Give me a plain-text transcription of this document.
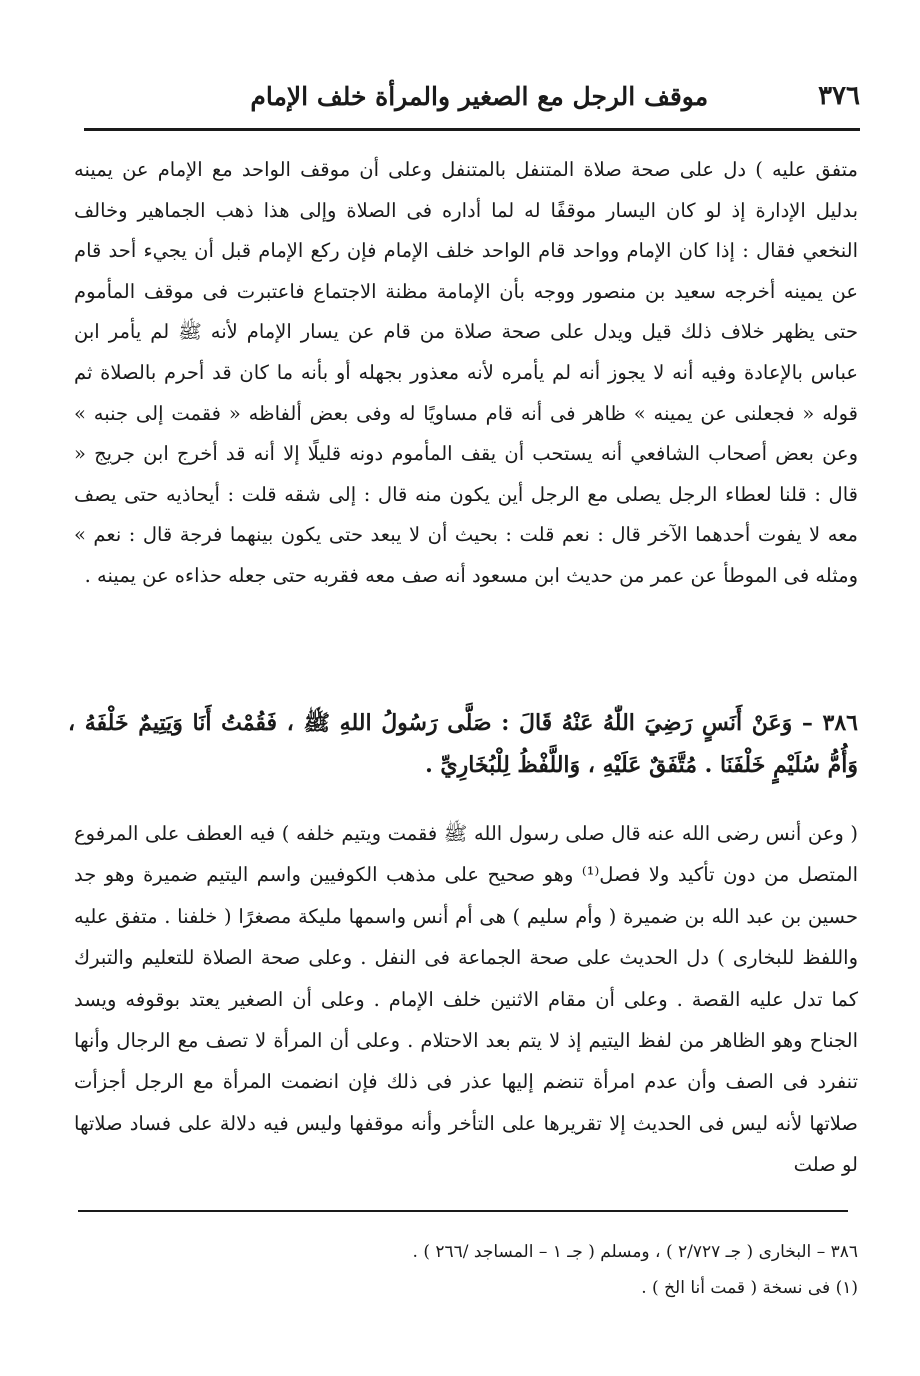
٣٧٦
موقف الرجل مع الصغير والمرأة خلف الإمام
متفق عليه ) دل على صحة صلاة المتنفل بالمتنفل وعلى أن موقف الواحد مع الإمام عن يمينه بدليل الإدارة إذ لو كان اليسار موقفًا له لما أداره فى الصلاة وإلى هذا ذهب الجماهير وخالف النخعي فقال : إذا كان الإمام وواحد قام الواحد خلف الإمام فإن ركع الإمام قبل أن يجيء أحد قام عن يمينه أخرجه سعيد بن منصور ووجه بأن الإمامة مظنة الاجتماع فاعتبرت فى موقف المأموم حتى يظهر خلاف ذلك قيل ويدل على صحة صلاة من قام عن يسار الإمام لأنه ﷺ لم يأمر ابن عباس بالإعادة وفيه أنه لا يجوز أنه لم يأمره لأنه معذور بجهله أو بأنه ما كان قد أحرم بالصلاة ثم قوله « فجعلنى عن يمينه » ظاهر فى أنه قام مساويًا له وفى بعض ألفاظه « فقمت إلى جنبه » وعن بعض أصحاب الشافعي أنه يستحب أن يقف المأموم دونه قليلًا إلا أنه قد أخرج ابن جريج « قال : قلنا لعطاء الرجل يصلى مع الرجل أين يكون منه قال : إلى شقه قلت : أيحاذيه حتى يصف معه لا يفوت أحدهما الآخر قال : نعم قلت : بحيث أن لا يبعد حتى يكون بينهما فرجة قال : نعم » ومثله فى الموطأ عن عمر من حديث ابن مسعود أنه صف معه فقربه حتى جعله حذاءه عن يمينه .
٣٨٦ – وَعَنْ أَنَسٍ رَضِيَ اللّٰهُ عَنْهُ قَالَ : صَلَّى رَسُولُ اللهِ ﷺ ، فَقُمْتُ أَنَا وَيَتِيمٌ خَلْفَهُ ، وَأُمُّ سُلَيْمٍ خَلْفَنَا . مُتَّفَقٌ عَلَيْهِ ، وَاللَّفْظُ لِلْبُخَارِيِّ .
( وعن أنس رضى الله عنه قال صلى رسول الله ﷺ فقمت ويتيم خلفه ) فيه العطف على المرفوع المتصل من دون تأكيد ولا فصل⁽¹⁾ وهو صحيح على مذهب الكوفيين واسم اليتيم ضميرة وهو جد حسين بن عبد الله بن ضميرة ( وأم سليم ) هى أم أنس واسمها مليكة مصغرًا ( خلفنا . متفق عليه واللفظ للبخارى ) دل الحديث على صحة الجماعة فى النفل . وعلى صحة الصلاة للتعليم والتبرك كما تدل عليه القصة . وعلى أن مقام الاثنين خلف الإمام . وعلى أن الصغير يعتد بوقوفه ويسد الجناح وهو الظاهر من لفظ اليتيم إذ لا يتم بعد الاحتلام . وعلى أن المرأة لا تصف مع الرجال وأنها تنفرد فى الصف وأن عدم امرأة تنضم إليها عذر فى ذلك فإن انضمت المرأة مع الرجل أجزأت صلاتها لأنه ليس فى الحديث إلا تقريرها على التأخر وأنه موقفها وليس فيه دلالة على فساد صلاتها لو صلت
٣٨٦ – البخارى ( جـ ٢/٧٢٧ ) ، ومسلم ( جـ ١ – المساجد /٢٦٦ ) .
(١) فى نسخة ( قمت أنا الخ ) .
